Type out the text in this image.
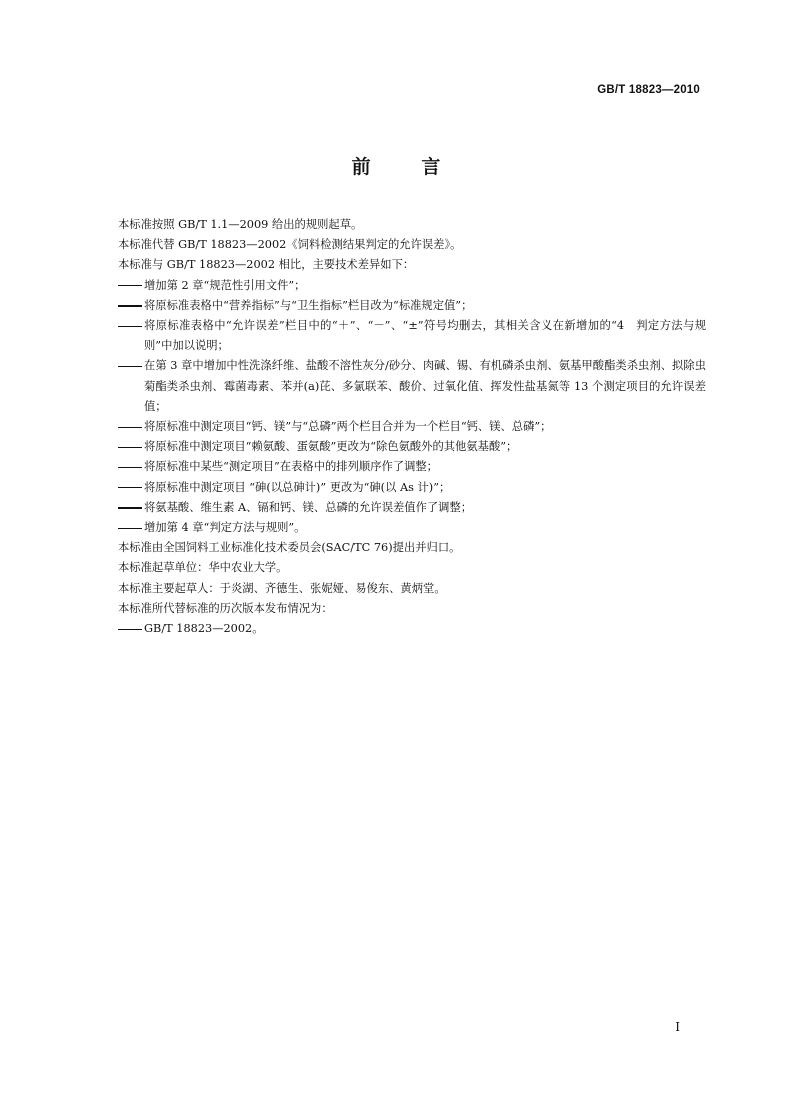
GB/T 18823—2010
前	言

本标准按照 GB/T 1.1—2009 给出的规则起草。

本标准代替 GB/T 18823—2002《饲料检测结果判定的允许误差》。

本标准与 GB/T 18823—2002 相比，主要技术差异如下：

增加第 2 章“规范性引用文件”；
将原标准表格中“营养指标”与“卫生指标”栏目改为“标准规定值”；
将原标准表格中“允许误差”栏目中的“＋”、“－”、“±”符号均删去，其相关含义在新增加的“4　判定方法与规则”中加以说明；
在第 3 章中增加中性洗涤纤维、盐酸不溶性灰分/砂分、肉碱、锡、有机磷杀虫剂、氨基甲酸酯类杀虫剂、拟除虫菊酯类杀虫剂、霉菌毒素、苯并(a)芘、多氯联苯、酸价、过氧化值、挥发性盐基氮等 13 个测定项目的允许误差值；
将原标准中测定项目“钙、镁”与“总磷”两个栏目合并为一个栏目“钙、镁、总磷”；
将原标准中测定项目“赖氨酸、蛋氨酸”更改为“除色氨酸外的其他氨基酸”；
将原标准中某些“测定项目”在表格中的排列顺序作了调整；
将原标准中测定项目 “砷(以总砷计)” 更改为“砷(以 As 计)”；
将氨基酸、维生素 A、镉和钙、镁、总磷的允许误差值作了调整；
增加第 4 章“判定方法与规则”。

本标准由全国饲料工业标准化技术委员会(SAC/TC 76)提出并归口。

本标准起草单位：华中农业大学。

本标准主要起草人：于炎湖、齐德生、张妮娅、易俊东、黄炳堂。

本标准所代替标准的历次版本发布情况为：

GB/T 18823—2002。
I
